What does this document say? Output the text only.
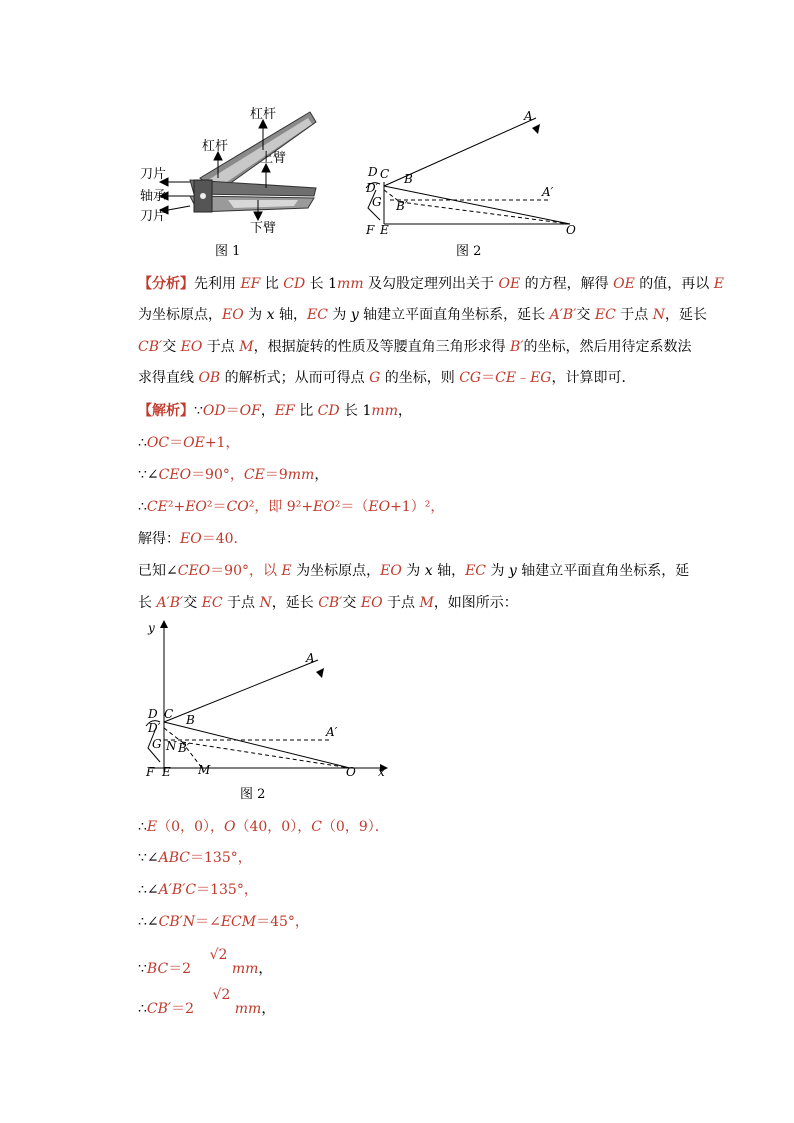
杠杆
杠杆
上臂
刀片
轴承
刀片
下臂
图 1
A
A′
D C B
D′
G B′
F E	O
图 2
【分析】先利用 EF 比 CD 长 1mm 及勾股定理列出关于 OE 的方程，解得 OE 的值，再以 E
为坐标原点，EO 为 x 轴，EC 为 y 轴建立平面直角坐标系，延长 A′B′交 EC 于点 N，延长
CB′交 EO 于点 M，根据旋转的性质及等腰直角三角形求得 B′的坐标，然后用待定系数法
求得直线 OB 的解析式；从而可得点 G 的坐标，则 CG＝CE﹣EG，计算即可．
【解析】∵OD＝OF，EF 比 CD 长 1mm，
∴OC＝OE+1，
∵∠CEO＝90°，CE＝9mm，
∴CE²+EO²＝CO²，即 9²+EO²＝（EO+1）²，
解得：EO＝40．
已知∠CEO＝90°，以 E 为坐标原点，EO 为 x 轴，EC 为 y 轴建立平面直角坐标系，延
长 A′B′交 EC 于点 N，延长 CB′交 EO 于点 M，如图所示：
y
x
A
A′
D C B
D′
G N B′
F E M	O
图 2
∴E（0，0），O（40，0），C（0，9）．
∵∠ABC＝135°，
∴∠A′B′C＝135°，
∴∠CB′N＝∠ECM＝45°，
∵BC＝2 √2 mm，
∴CB′＝2 √2 mm，
